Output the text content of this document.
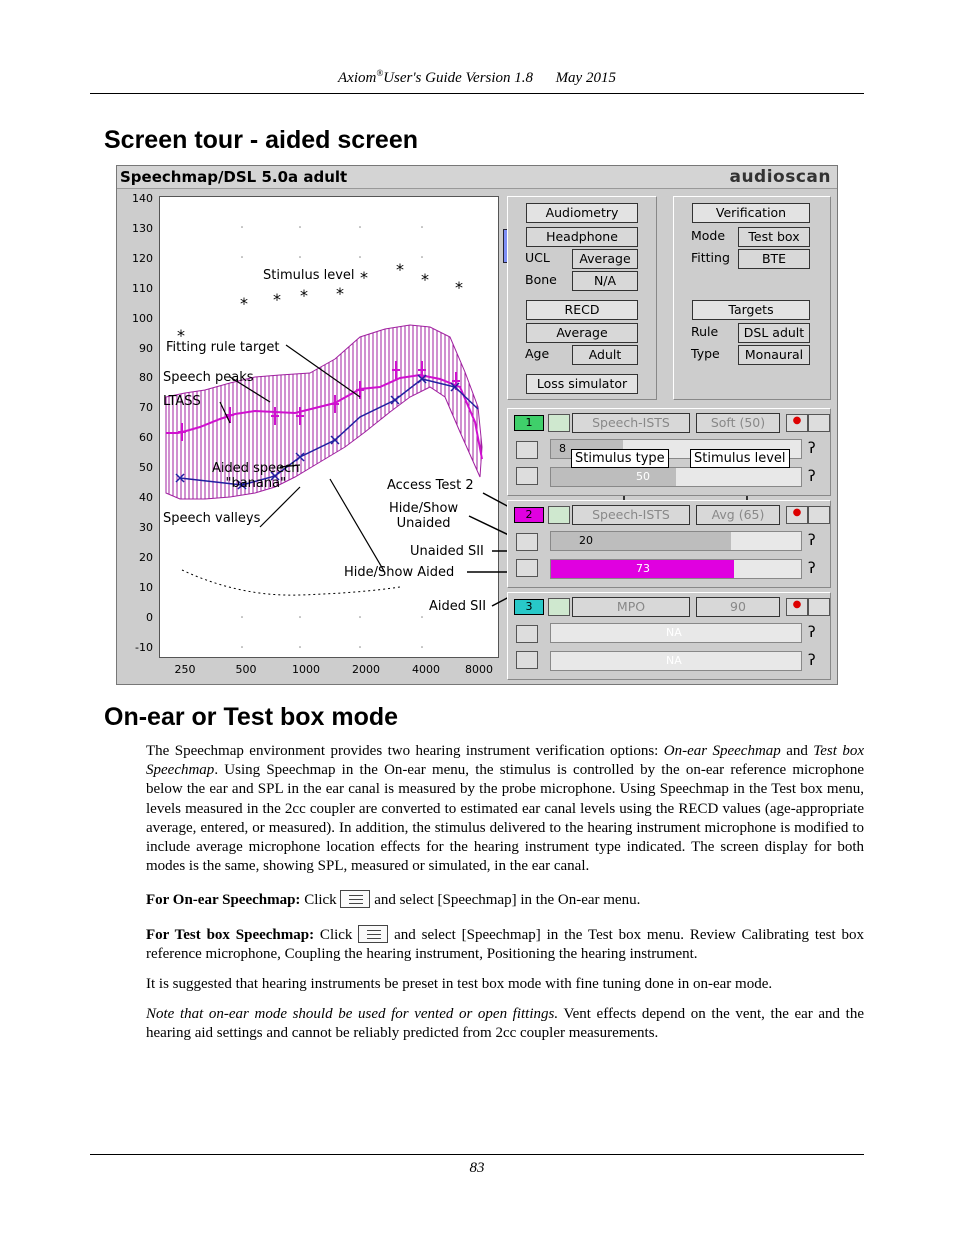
Axiom®User's Guide Version 1.8 May 2015
Screen tour - aided screen
Speechmap/DSL 5.0a adult	audioscan
140
130
120
110
100
90
80
70
60
50
40
30
20
10
0
-10
* * * *
* *
* *
*
Stimulus level
Fitting rule target
Speech peaks
LTASS
Aided speech
"banana"
Speech valleys
250	500	1000	2000	4000	8000
Access Test 2
Hide/Show
Unaided
Unaided SII
Hide/Show Aided
Aided SII
Audiometry
Headphone
UCL	Average
Bone	N/A
RECD
Average
Age	Adult
Loss simulator
Verification
Mode	Test box
Fitting	BTE
Targets
Rule	DSL adult
Type	Monaural
1	Speech-ISTS	Soft (50)	●
8	ʔ
50	ʔ
2	Speech-ISTS	Avg (65)	●
20	ʔ
73	ʔ
3	MPO	90	●
NA	ʔ
NA	ʔ
Stimulus type	Stimulus level
On-ear or Test box mode

The Speechmap environment provides two hearing instrument verification options: On-ear Speechmap and Test box Speechmap. Using Speechmap in the On-ear menu, the stimulus is controlled by the on-ear reference microphone below the ear and SPL in the ear canal is measured by the probe microphone. Using Speechmap in the Test box menu, levels measured in the 2cc coupler are converted to estimated ear canal levels using the RECD values (age-appropriate average, entered, or measured). In addition, the stimulus delivered to the hearing instrument microphone is modified to include average microphone location effects for the hearing instrument type indicated. The screen display for both modes is the same, showing SPL, measured or simulated, in the ear canal.

For On-ear Speechmap: Click
and select [Speechmap] in the On-ear menu.

For Test box Speechmap: Click
and select [Speechmap] in the Test box menu. Review Calibrating test box reference microphone, Coupling the hearing instrument, Positioning the hearing instrument.

It is suggested that hearing instruments be preset in test box mode with fine tuning done in on-ear mode.

Note that on-ear mode should be used for vented or open fittings. Vent effects depend on the vent, the ear and the hearing aid settings and cannot be reliably predicted from 2cc coupler measurements.

83
